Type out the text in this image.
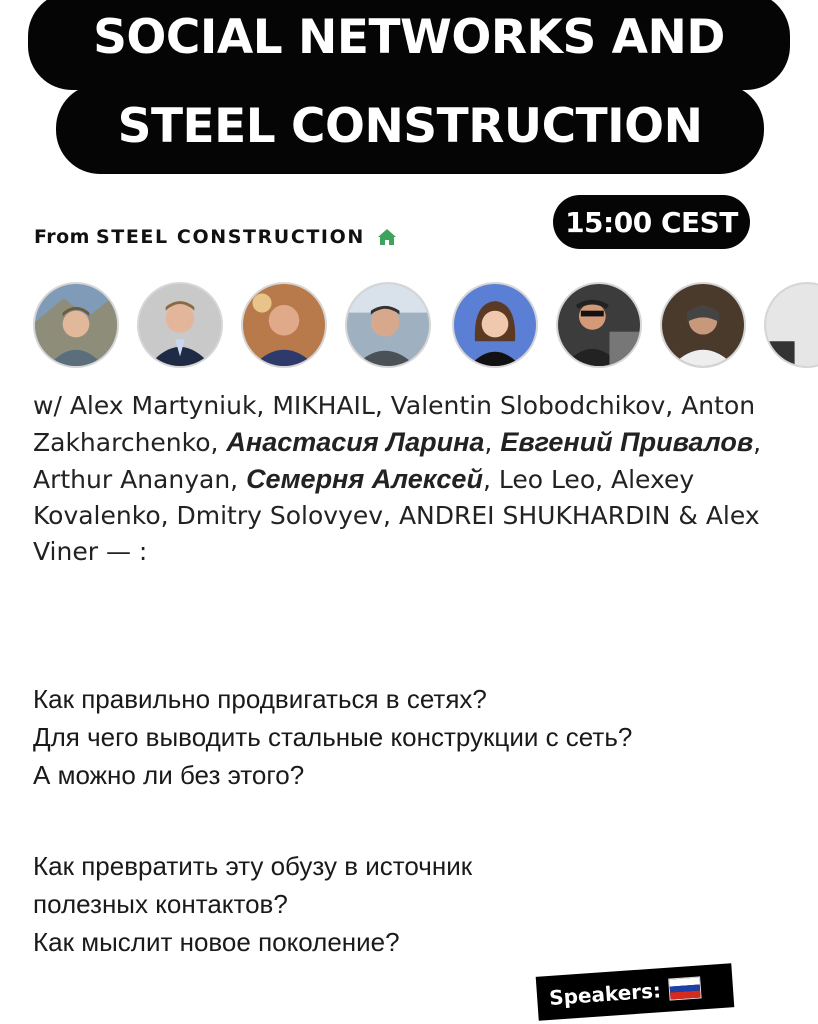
SOCIAL NETWORKS AND
STEEL CONSTRUCTION
From STEEL CONSTRUCTION	15:00 CEST
w/ Alex Martyniuk, MIKHAIL, Valentin Slobodchikov, Anton Zakharchenko, Анастасия Ларина, Евгений Привалов, Arthur Ananyan, Семерня Алексей, Leo Leo, Alexey Kovalenko, Dmitry Solovyev, ANDREI SHUKHARDIN & Alex Viner — :
Как правильно продвигаться в сетях?
Для чего выводить стальные конструкции с сеть?
А можно ли без этого?
Как превратить эту обузу в источник
полезных контактов?
Как мыслит новое поколение?
Speakers:
